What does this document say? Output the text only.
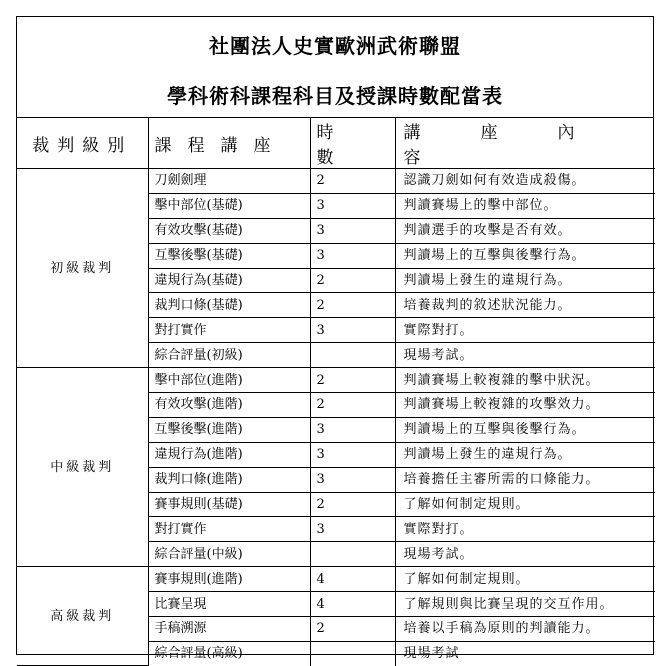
社團法人史實歐洲武術聯盟
學科術科課程科目及授課時數配當表
裁判級別	課程講座	時數	講座內容
初級裁判	刀劍劍理	2	認識刀劍如何有效造成殺傷。
	擊中部位(基礎)	3	判讀賽場上的擊中部位。
	有效攻擊(基礎)	3	判讀選手的攻擊是否有效。
	互擊後擊(基礎)	3	判讀場上的互擊與後擊行為。
	違規行為(基礎)	2	判讀場上發生的違規行為。
	裁判口條(基礎)	2	培養裁判的敘述狀況能力。
	對打實作	3	實際對打。
	綜合評量(初級)		現場考試。
中級裁判	擊中部位(進階)	2	判讀賽場上較複雜的擊中狀況。
	有效攻擊(進階)	2	判讀賽場上較複雜的攻擊效力。
	互擊後擊(進階)	3	判讀場上的互擊與後擊行為。
	違規行為(進階)	3	判讀場上發生的違規行為。
	裁判口條(進階)	3	培養擔任主審所需的口條能力。
	賽事規則(基礎)	2	了解如何制定規則。
	對打實作	3	實際對打。
	綜合評量(中級)		現場考試。
高級裁判	賽事規則(進階)	4	了解如何制定規則。
	比賽呈現	4	了解規則與比賽呈現的交互作用。
	手稿溯源	2	培養以手稿為原則的判讀能力。
	綜合評量(高級)		現場考試
